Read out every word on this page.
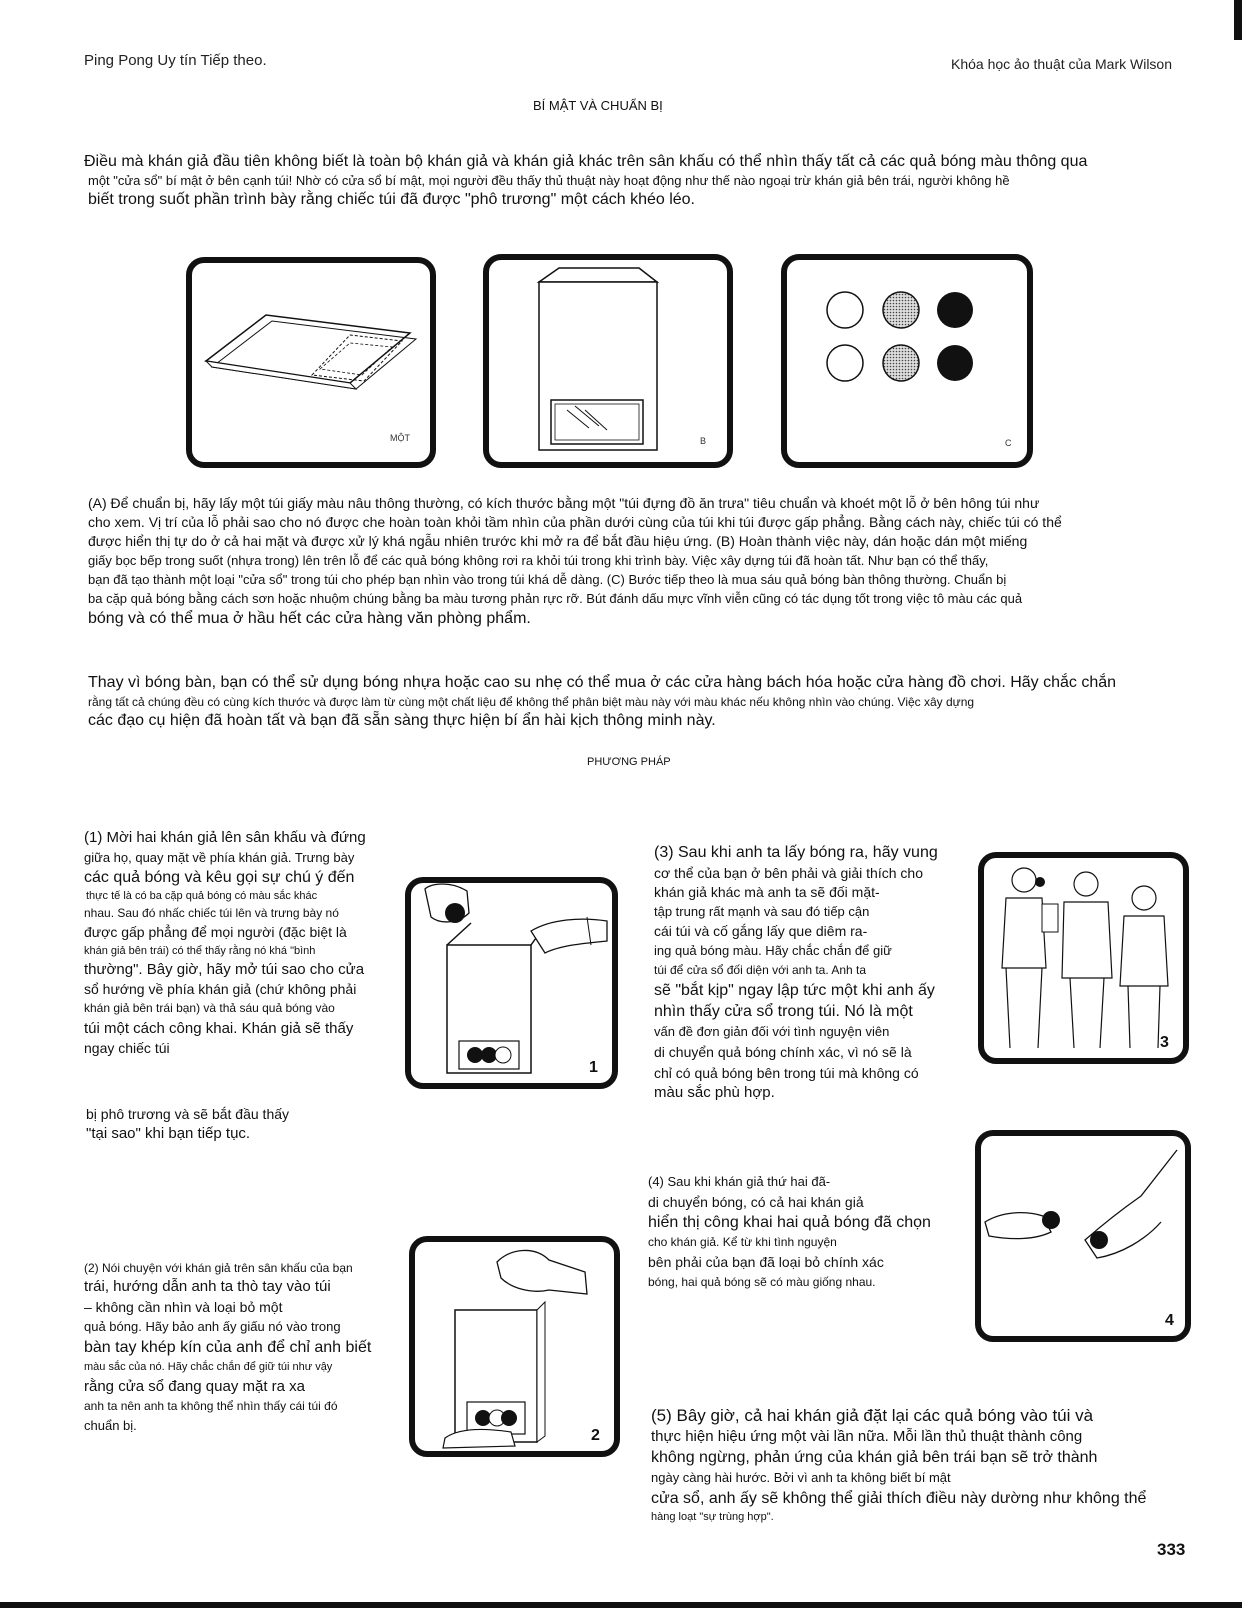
Ping Pong Uy tín Tiếp theo.	Khóa học ảo thuật của Mark Wilson
BÍ MẬT VÀ CHUẨN BỊ
Điều mà khán giả đầu tiên không biết là toàn bộ khán giả và khán giả khác trên sân khấu có thể nhìn thấy tất cả các quả bóng màu thông qua
một "cửa sổ" bí mật ở bên cạnh túi! Nhờ có cửa sổ bí mật, mọi người đều thấy thủ thuật này hoạt động như thế nào ngoại trừ khán giả bên trái, người không hề
biết trong suốt phần trình bày rằng chiếc túi đã được "phô trương" một cách khéo léo.
MỘT	B	C
(A) Để chuẩn bị, hãy lấy một túi giấy màu nâu thông thường, có kích thước bằng một "túi đựng đồ ăn trưa" tiêu chuẩn và khoét một lỗ ở bên hông túi như
cho xem. Vị trí của lỗ phải sao cho nó được che hoàn toàn khỏi tầm nhìn của phần dưới cùng của túi khi túi được gấp phẳng. Bằng cách này, chiếc túi có thể
được hiển thị tự do ở cả hai mặt và được xử lý khá ngẫu nhiên trước khi mở ra để bắt đầu hiệu ứng. (B) Hoàn thành việc này, dán hoặc dán một miếng
giấy bọc bếp trong suốt (nhựa trong) lên trên lỗ để các quả bóng không rơi ra khỏi túi trong khi trình bày. Việc xây dựng túi đã hoàn tất. Như bạn có thể thấy,
bạn đã tạo thành một loại "cửa sổ" trong túi cho phép bạn nhìn vào trong túi khá dễ dàng. (C) Bước tiếp theo là mua sáu quả bóng bàn thông thường. Chuẩn bị
ba cặp quả bóng bằng cách sơn hoặc nhuộm chúng bằng ba màu tương phản rực rỡ. Bút đánh dấu mực vĩnh viễn cũng có tác dụng tốt trong việc tô màu các quả
bóng và có thể mua ở hầu hết các cửa hàng văn phòng phẩm.
Thay vì bóng bàn, bạn có thể sử dụng bóng nhựa hoặc cao su nhẹ có thể mua ở các cửa hàng bách hóa hoặc cửa hàng đồ chơi. Hãy chắc chắn
rằng tất cả chúng đều có cùng kích thước và được làm từ cùng một chất liệu để không thể phân biệt màu này với màu khác nếu không nhìn vào chúng. Việc xây dựng
các đạo cụ hiện đã hoàn tất và bạn đã sẵn sàng thực hiện bí ẩn hài kịch thông minh này.
PHƯƠNG PHÁP
(1) Mời hai khán giả lên sân khấu và đứng
giữa họ, quay mặt về phía khán giả. Trưng bày
các quả bóng và kêu gọi sự chú ý đến
thực tế là có ba cặp quả bóng có màu sắc khác
nhau. Sau đó nhấc chiếc túi lên và trưng bày nó
được gấp phẳng để mọi người (đặc biệt là
khán giả bên trái) có thể thấy rằng nó khá "bình
thường". Bây giờ, hãy mở túi sao cho cửa
sổ hướng về phía khán giả (chứ không phải
khán giả bên trái bạn) và thả sáu quả bóng vào
túi một cách công khai. Khán giả sẽ thấy
ngay chiếc túi
bị phô trương và sẽ bắt đầu thấy
"tại sao" khi bạn tiếp tục.
1
(2) Nói chuyện với khán giả trên sân khấu của bạn
trái, hướng dẫn anh ta thò tay vào túi
– không cần nhìn và loại bỏ một
quả bóng. Hãy bảo anh ấy giấu nó vào trong
bàn tay khép kín của anh để chỉ anh biết
màu sắc của nó. Hãy chắc chắn để giữ túi như vậy
rằng cửa sổ đang quay mặt ra xa
anh ta nên anh ta không thể nhìn thấy cái túi đó
chuẩn bị.
2
(3) Sau khi anh ta lấy bóng ra, hãy vung
cơ thể của bạn ở bên phải và giải thích cho
khán giả khác mà anh ta sẽ đối mặt-
tập trung rất mạnh và sau đó tiếp cận
cái túi và cố gắng lấy que diêm ra-
ing quả bóng màu. Hãy chắc chắn để giữ
túi để cửa sổ đối diện với anh ta. Anh ta
sẽ "bắt kịp" ngay lập tức một khi anh ấy
nhìn thấy cửa sổ trong túi. Nó là một
vấn đề đơn giản đối với tình nguyện viên
di chuyển quả bóng chính xác, vì nó sẽ là
chỉ có quả bóng bên trong túi mà không có
màu sắc phù hợp.
3
4
(4) Sau khi khán giả thứ hai đã-
di chuyển bóng, có cả hai khán giả
hiển thị công khai hai quả bóng đã chọn
cho khán giả. Kể từ khi tình nguyện
bên phải của bạn đã loại bỏ chính xác
bóng, hai quả bóng sẽ có màu giống nhau.
(5) Bây giờ, cả hai khán giả đặt lại các quả bóng vào túi và
thực hiện hiệu ứng một vài lần nữa. Mỗi lần thủ thuật thành công
không ngừng, phản ứng của khán giả bên trái bạn sẽ trở thành
ngày càng hài hước. Bởi vì anh ta không biết bí mật
cửa sổ, anh ấy sẽ không thể giải thích điều này dường như không thể
hàng loạt "sự trùng hợp".
333
